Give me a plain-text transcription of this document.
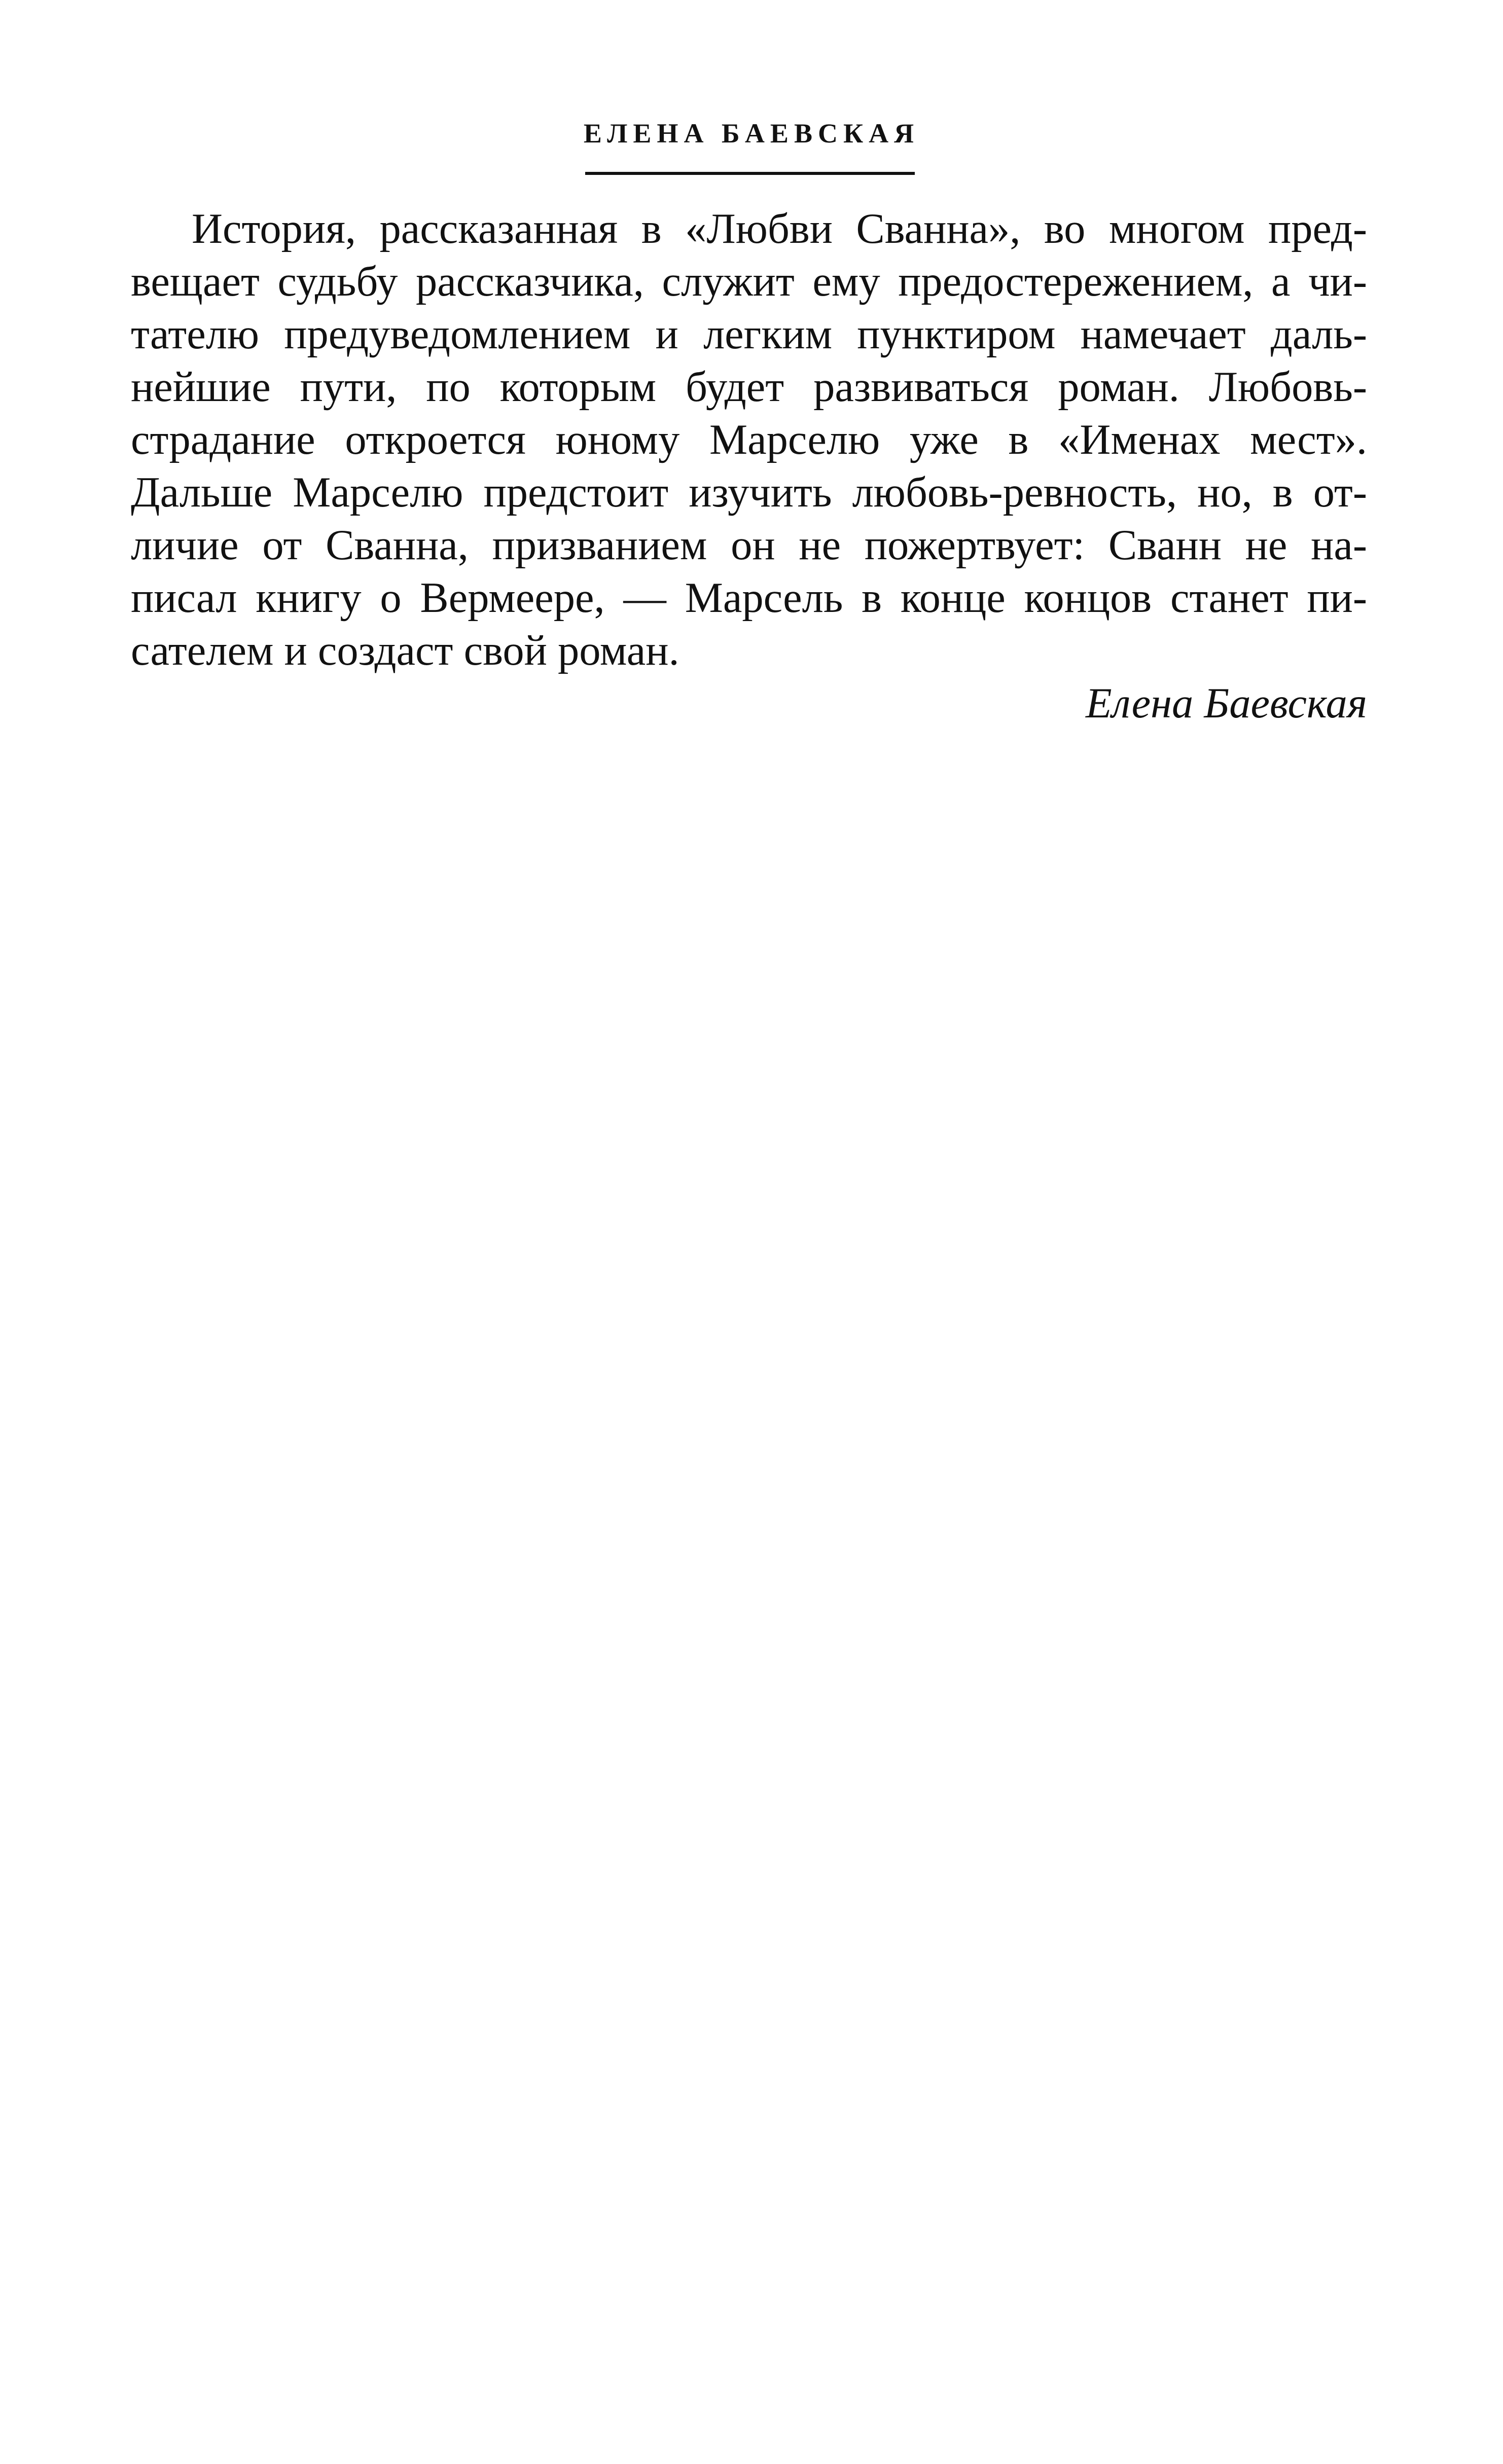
ЕЛЕНА БАЕВСКАЯ
История, рассказанная в «Любви Сванна», во многом пред-
вещает судьбу рассказчика, служит ему предостережением, а чи-
тателю предуведомлением и легким пунктиром намечает даль-
нейшие пути, по которым будет развиваться роман. Любовь-
страдание откроется юному Марселю уже в «Именах мест».
Дальше Марселю предстоит изучить любовь-ревность, но, в от-
личие от Сванна, призванием он не пожертвует: Сванн не на-
писал книгу о Вермеере, — Марсель в конце концов станет пи-
сателем и создаст свой роман.
Елена Баевская
